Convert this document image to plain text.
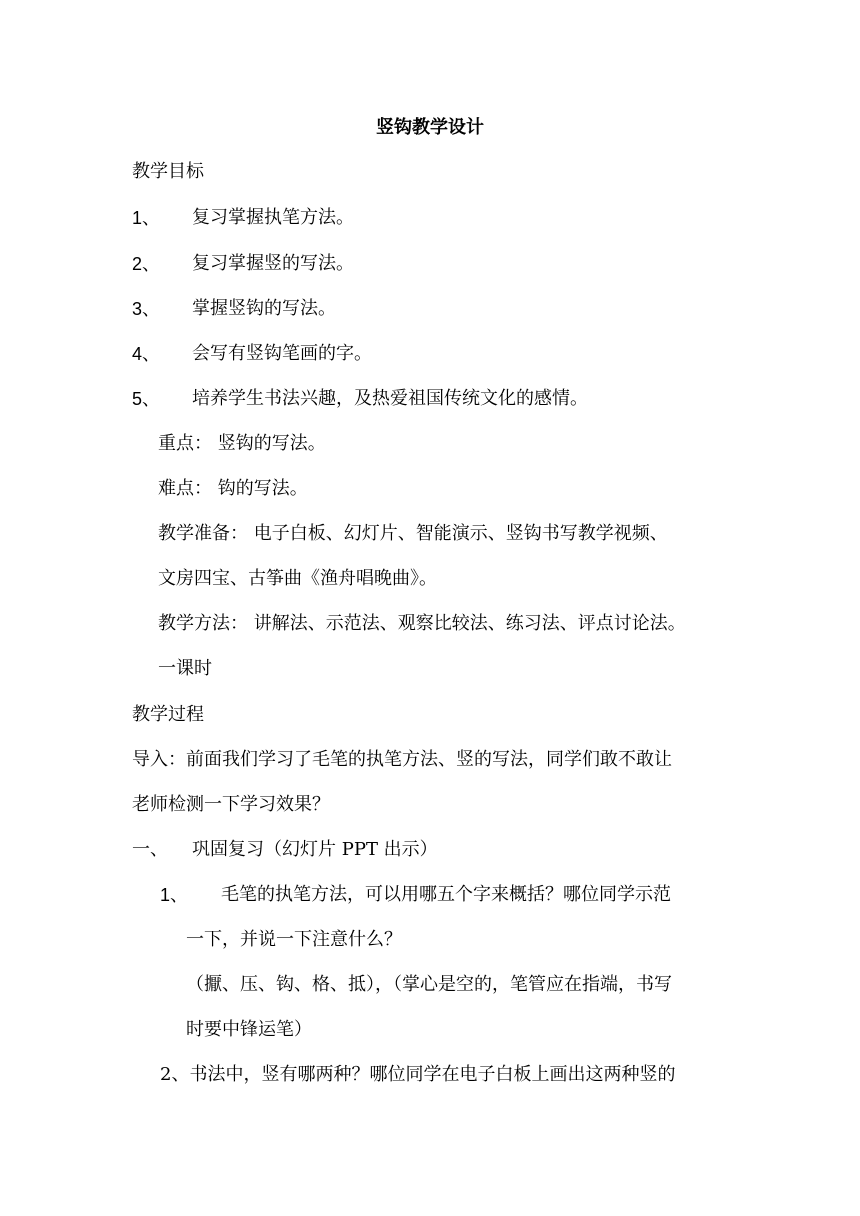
竖钩教学设计
教学目标
1、 复习掌握执笔方法。
2、 复习掌握竖的写法。
3、 掌握竖钩的写法。
4、 会写有竖钩笔画的字。
5、 培养学生书法兴趣，及热爱祖国传统文化的感情。
重点： 竖钩的写法。
难点： 钩的写法。
教学准备： 电子白板、幻灯片、智能演示、竖钩书写教学视频、
文房四宝、古筝曲《渔舟唱晚曲》。
教学方法： 讲解法、示范法、观察比较法、练习法、评点讨论法。
一课时
教学过程
导入：前面我们学习了毛笔的执笔方法、竖的写法，同学们敢不敢让
老师检测一下学习效果？
一、 巩固复习（幻灯片 PPT 出示）
1、 毛笔的执笔方法，可以用哪五个字来概括？哪位同学示范
一下，并说一下注意什么？
（擫、压、钩、格、抵），（掌心是空的，笔管应在指端，书写
时要中锋运笔）
2、书法中，竖有哪两种？哪位同学在电子白板上画出这两种竖的
